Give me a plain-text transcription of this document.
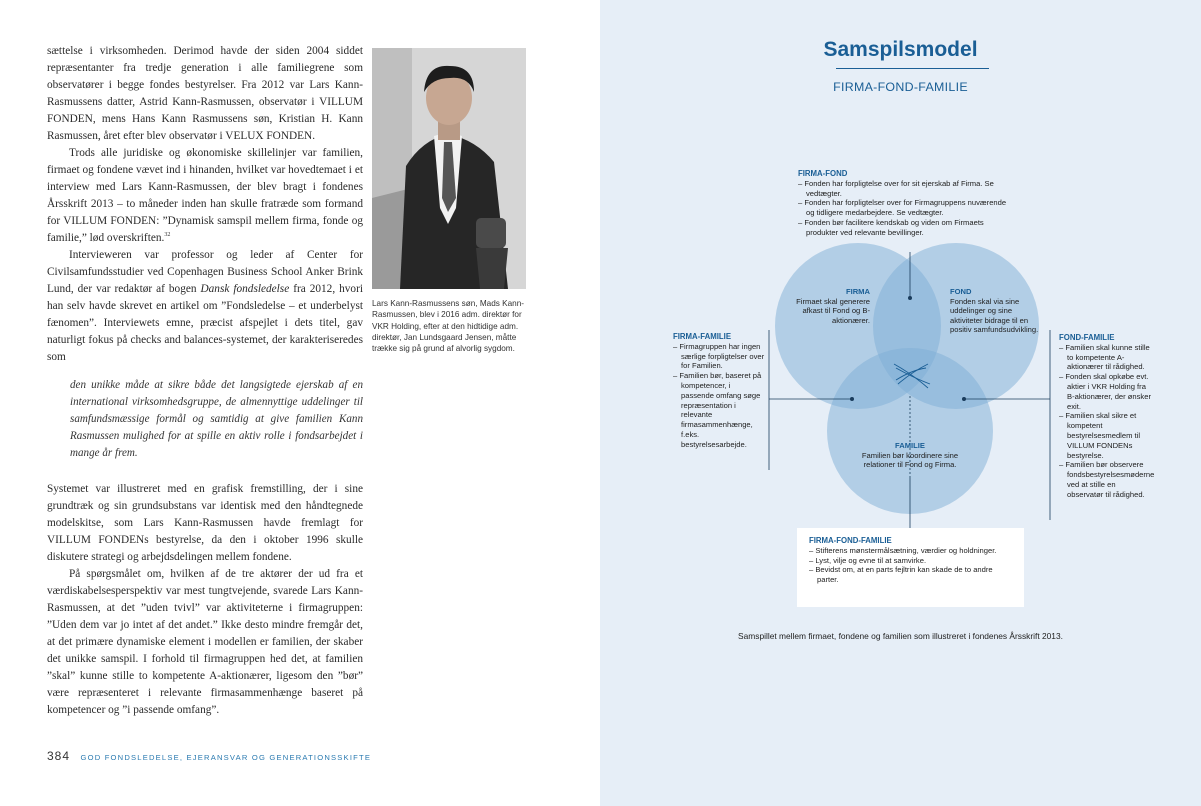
sættelse i virksomheden. Derimod havde der siden 2004 siddet repræsentanter fra tredje generation i alle familiegrene som observatører i begge fondes bestyrelser. Fra 2012 var Lars Kann-Rasmussens datter, Astrid Kann-Rasmussen, observatør i VILLUM FONDEN, mens Hans Kann Rasmussens søn, Kristian H. Kann Rasmussen, året efter blev observatør i VELUX FONDEN.

Trods alle juridiske og økonomiske skillelinjer var familien, firmaet og fondene vævet ind i hinanden, hvilket var hovedtemaet i et interview med Lars Kann-Rasmussen, der blev bragt i fondenes Årsskrift 2013 – to måneder inden han skulle fratræde som formand for VILLUM FONDEN: ”Dynamisk samspil mellem firma, fonde og familie,” lød overskriften.$^{32}$

Intervieweren var professor og leder af Center for Civilsamfundsstudier ved Copenhagen Business School Anker Brink Lund, der var redaktør af bogen Dansk fondsledelse fra 2012, hvori han selv havde skrevet en artikel om ”Fondsledelse – et underbelyst fænomen”. Interviewets emne, præcist afspejlet i dets titel, gav naturligt fokus på checks and balances-systemet, der karakteriseredes som

den unikke måde at sikre både det langsigtede ejerskab af en international virksomhedsgruppe, de almennyttige uddelinger til samfundsmæssige formål og samtidig at give familien Kann Rasmussen mulighed for at spille en aktiv rolle i fondsarbejdet i mange år frem.

Systemet var illustreret med en grafisk fremstilling, der i sine grundtræk og sin grundsubstans var identisk med den håndtegnede modelskitse, som Lars Kann-Rasmussen havde fremlagt for VILLUM FONDENs bestyrelse, da den i oktober 1996 skulle diskutere strategi og arbejdsdelingen mellem fondene.

På spørgsmålet om, hvilken af de tre aktører der ud fra et værdiskabelsesperspektiv var mest tungtvejende, svarede Lars Kann-Rasmussen, at det ”uden tvivl” var aktiviteterne i firmagruppen: ”Uden dem var jo intet af det andet.” Ikke desto mindre fremgår det, at det primære dynamiske element i modellen er familien, der skaber det unikke samspil. I forhold til firmagruppen hed det, at familien ”skal” kunne stille to kompetente A-aktionærer, ligesom den ”bør” være repræsenteret i relevante firmasammenhænge baseret på kompetencer og ”i passende omfang”.

Lars Kann-Rasmussens søn, Mads Kann-Rasmussen, blev i 2016 adm. direktør for VKR Holding, efter at den hidtidige adm. direktør, Jan Lundsgaard Jensen, måtte trække sig på grund af alvorlig sygdom.
384 GOD FONDSLEDELSE, EJERANSVAR OG GENERATIONSSKIFTE
Samspilsmodel
FIRMA-FOND-FAMILIE
FIRMA-FOND
– Fonden har forpligtelse over for sit ejerskab af Firma. Se vedtægter.
– Fonden har forpligtelser over for Firmagruppens nuværende og tidligere medarbejdere. Se vedtægter.
– Fonden bør facilitere kendskab og viden om Firmaets produkter ved relevante bevillinger.
FIRMA-FAMILIE
– Firmagruppen har ingen særlige forpligtelser over for Familien.
– Familien bør, baseret på kompetencer, i passende omfang søge repræsentation i relevante firmasammenhænge, f.eks. bestyrelsesarbejde.
FOND-FAMILIE
– Familien skal kunne stille to kompetente A-aktionærer til rådighed.
– Fonden skal opkøbe evt. aktier i VKR Holding fra B-aktionærer, der ønsker exit.
– Familien skal sikre et kompetent bestyrelsesmedlem til VILLUM FONDENs bestyrelse.
– Familien bør observere fondsbestyrelsesmøderne ved at stille en observatør til rådighed.
FIRMA-FOND-FAMILIE
– Stifterens mønstermålsætning, værdier og holdninger.
– Lyst, vilje og evne til at samvirke.
– Bevidst om, at en parts fejltrin kan skade de to andre parter.
FIRMA
Firmaet skal generere afkast til Fond og B-aktionærer.
FOND
Fonden skal via sine uddelinger og sine aktiviteter bidrage til en positiv samfundsudvikling.
FAMILIE
Familien bør koordinere sine relationer til Fond og Firma.
Samspillet mellem firmaet, fondene og familien som illustreret i fondenes Årsskrift 2013.
